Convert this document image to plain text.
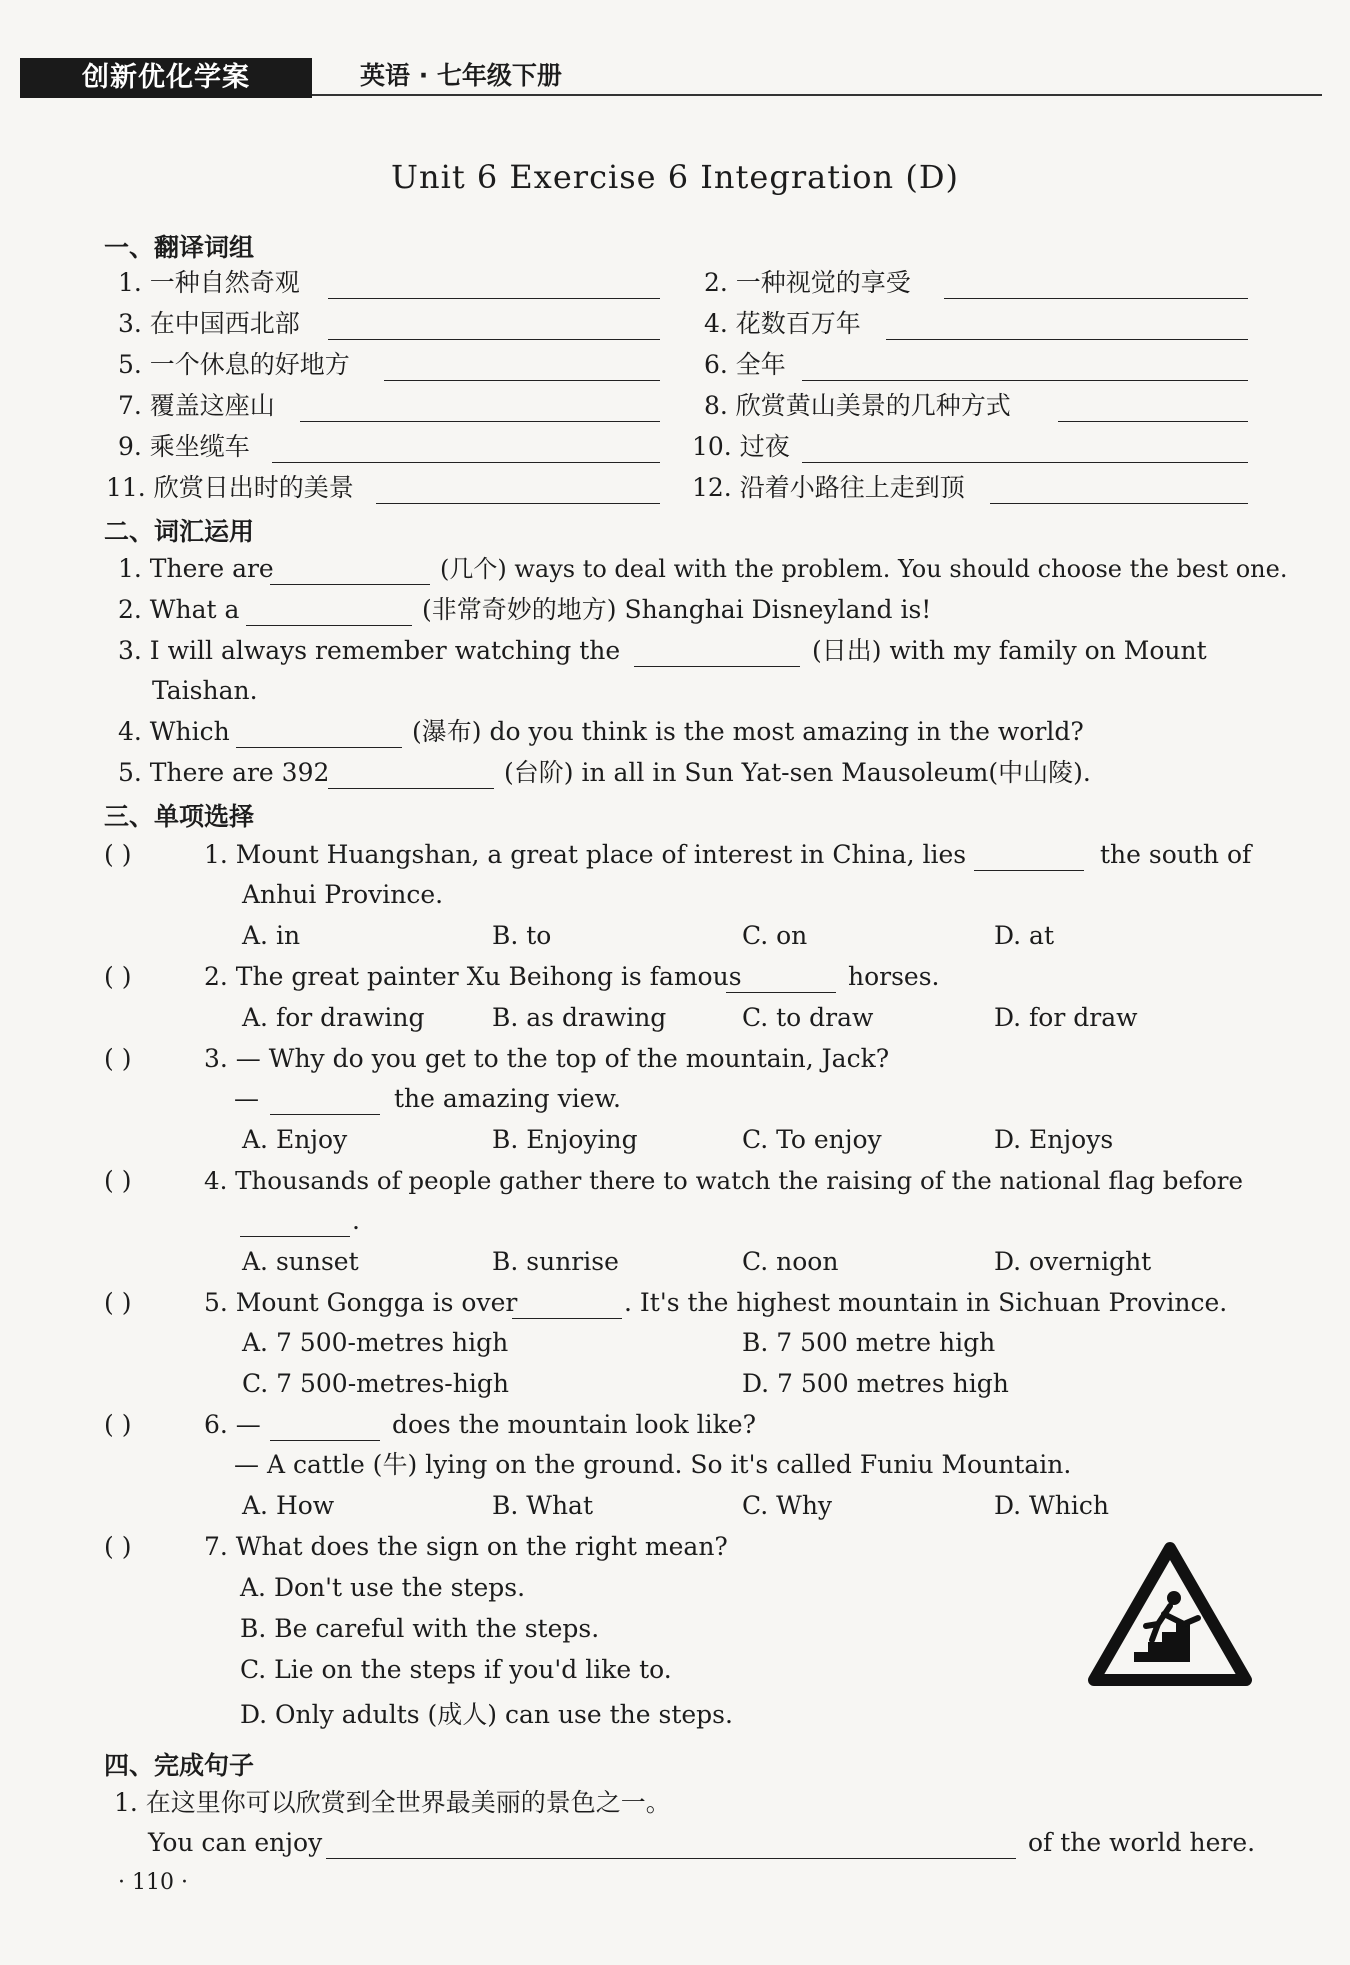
创新优化学案	英语 · 七年级下册
Unit 6 Exercise 6 Integration (D)
一、翻译词组
1. 一种自然奇观	2. 一种视觉的享受
3. 在中国西北部	4. 花数百万年
5. 一个休息的好地方	6. 全年
7. 覆盖这座山	8. 欣赏黄山美景的几种方式
9. 乘坐缆车	10. 过夜
11. 欣赏日出时的美景	12. 沿着小路往上走到顶
二、词汇运用
1. There are	(几个) ways to deal with the problem. You should choose the best one.
2. What a	(非常奇妙的地方) Shanghai Disneyland is!
3. I will always remember watching the	(日出) with my family on Mount
Taishan.
4. Which	(瀑布) do you think is the most amazing in the world?
5. There are 392	(台阶) in all in Sun Yat-sen Mausoleum(中山陵).
三、单项选择
( )	1. Mount Huangshan, a great place of interest in China, lies	the south of
Anhui Province.
A. in	B. to	C. on	D. at
( )	2. The great painter Xu Beihong is famous	horses.
A. for drawing	B. as drawing	C. to draw	D. for draw
( )	3. — Why do you get to the top of the mountain, Jack?
—	the amazing view.
A. Enjoy	B. Enjoying	C. To enjoy	D. Enjoys
( )	4. Thousands of people gather there to watch the raising of the national flag before
.
A. sunset	B. sunrise	C. noon	D. overnight
( )	5. Mount Gongga is over	. It's the highest mountain in Sichuan Province.
A. 7 500-metres high	B. 7 500 metre high
C. 7 500-metres-high	D. 7 500 metres high
( )	6. —	does the mountain look like?
— A cattle (牛) lying on the ground. So it's called Funiu Mountain.
A. How	B. What	C. Why	D. Which
( )	7. What does the sign on the right mean?
A. Don't use the steps.
B. Be careful with the steps.
C. Lie on the steps if you'd like to.
D. Only adults (成人) can use the steps.
四、完成句子
1. 在这里你可以欣赏到全世界最美丽的景色之一。
You can enjoy	of the world here.
· 110 ·
